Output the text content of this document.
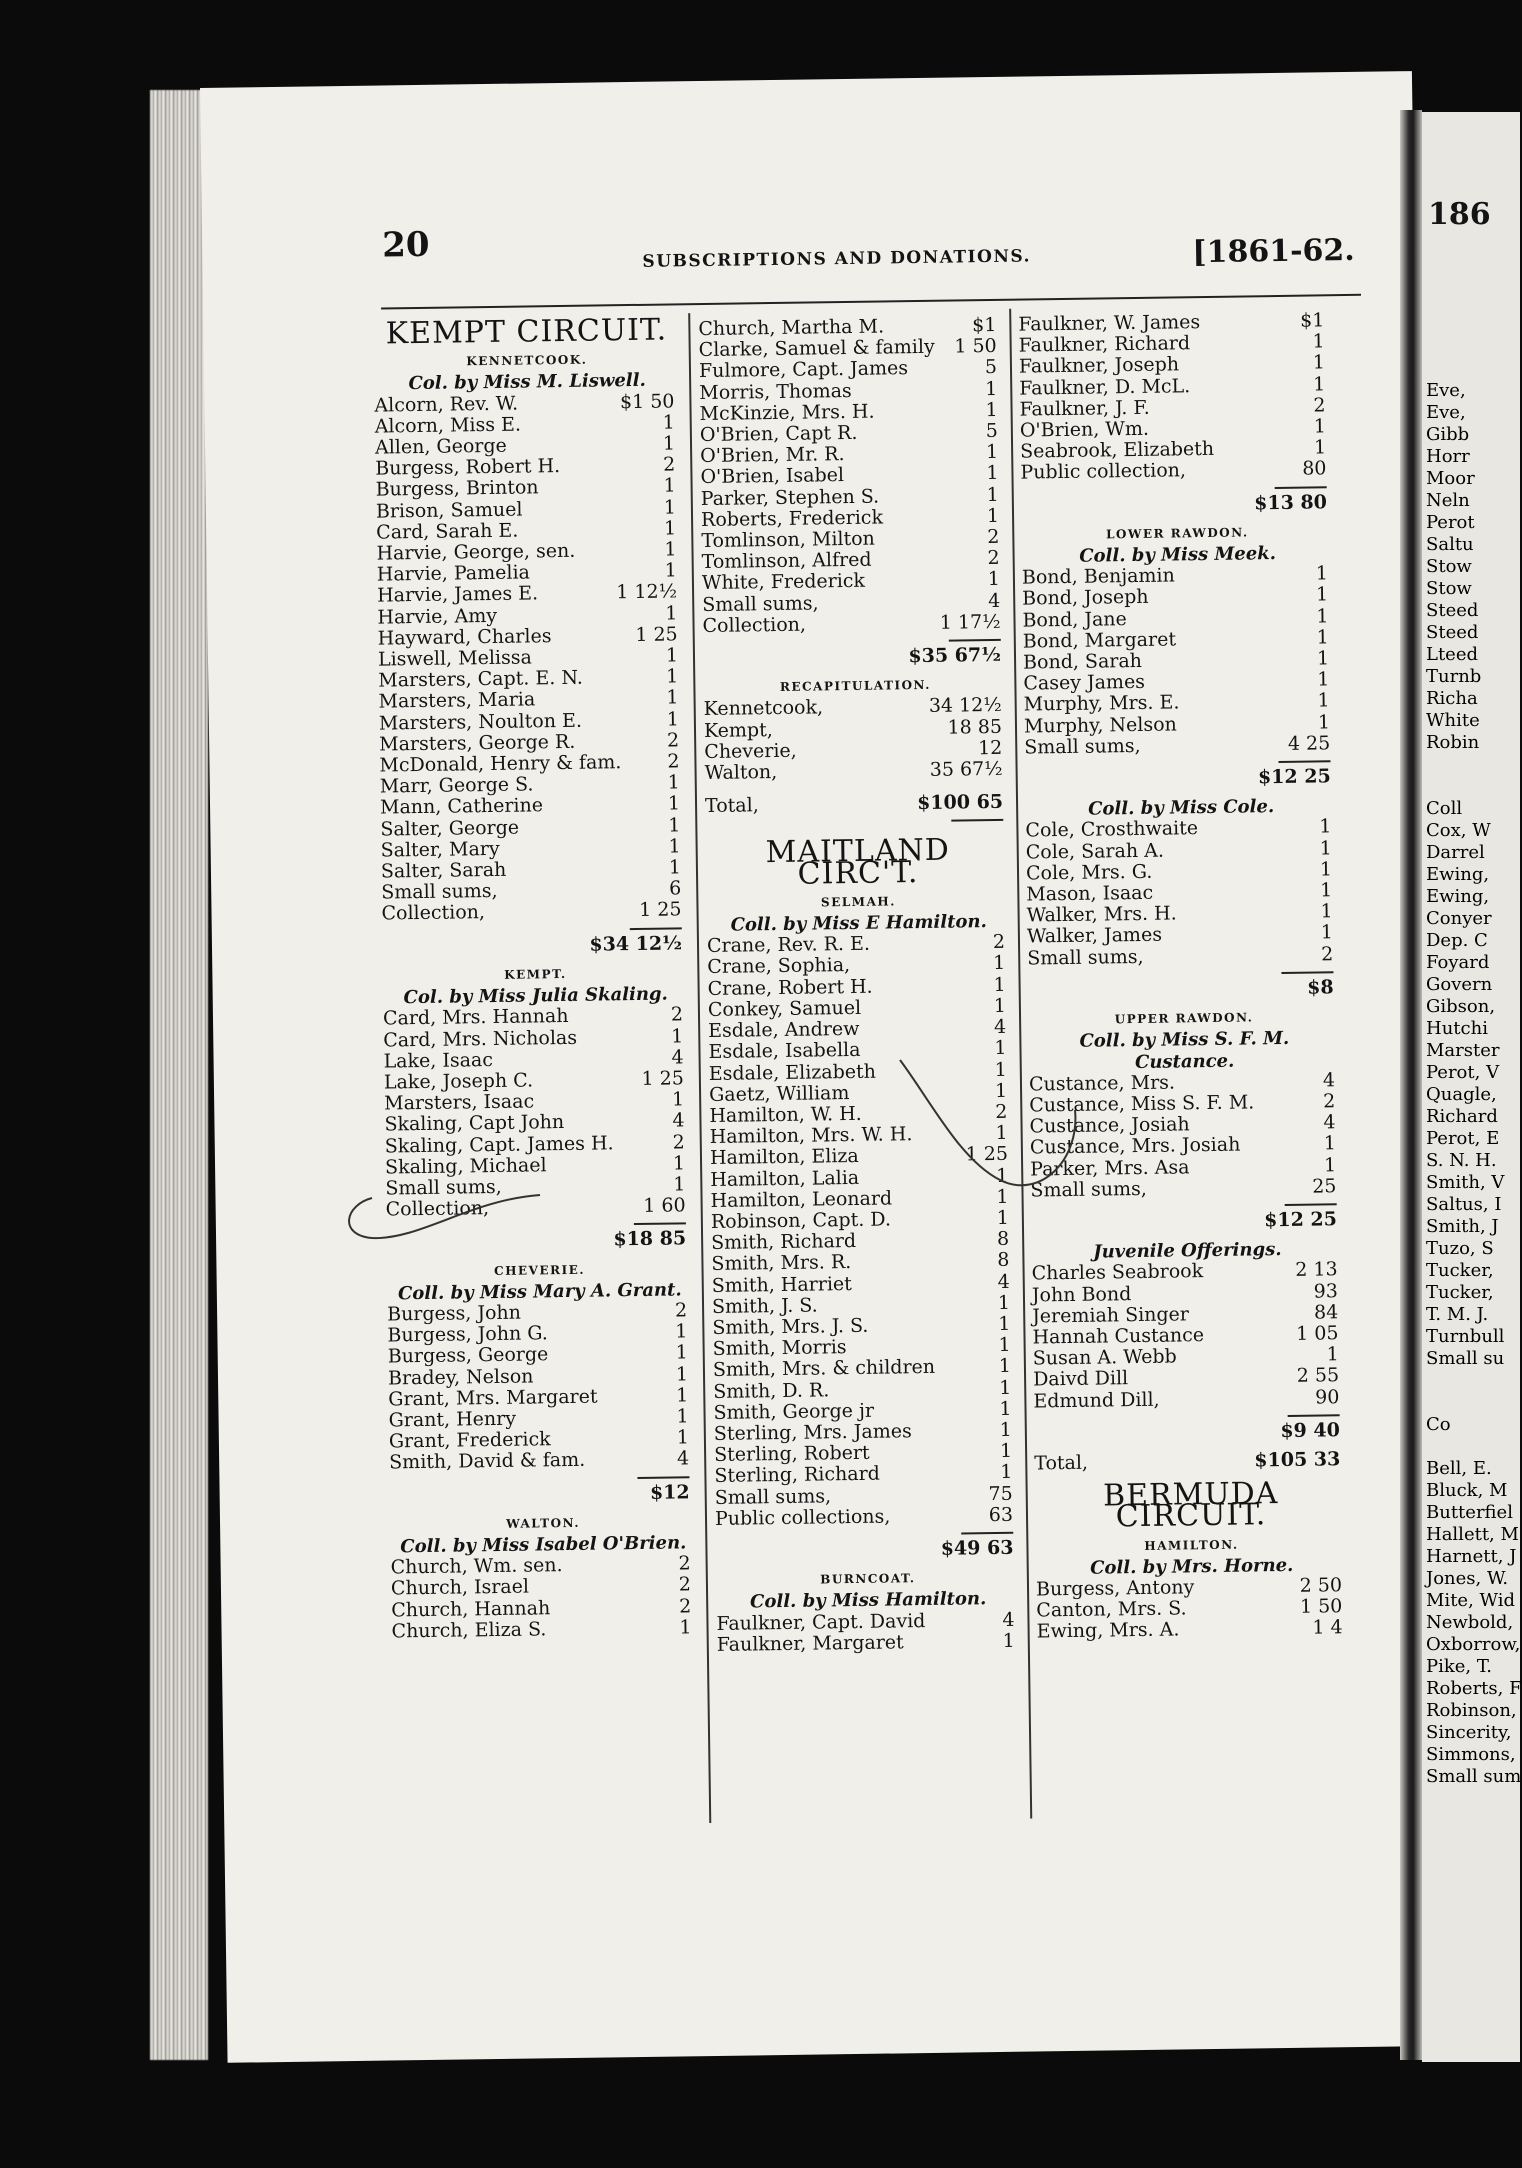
20	SUBSCRIPTIONS AND DONATIONS.	[1861-62.
KEMPT CIRCUIT.
KENNETCOOK.
Col. by Miss M. Liswell.
Alcorn, Rev. W.	$1 50
Alcorn, Miss E.	1
Allen, George	1
Burgess, Robert H.	2
Burgess, Brinton	1
Brison, Samuel	1
Card, Sarah E.	1
Harvie, George, sen.	1
Harvie, Pamelia	1
Harvie, James E.	1 12½
Harvie, Amy	1
Hayward, Charles	1 25
Liswell, Melissa	1
Marsters, Capt. E. N.	1
Marsters, Maria	1
Marsters, Noulton E.	1
Marsters, George R.	2
McDonald, Henry & fam.	2
Marr, George S.	1
Mann, Catherine	1
Salter, George	1
Salter, Mary	1
Salter, Sarah	1
Small sums,	6
Collection,	1 25
$34 12½
KEMPT.
Col. by Miss Julia Skaling.
Card, Mrs. Hannah	2
Card, Mrs. Nicholas	1
Lake, Isaac	4
Lake, Joseph C.	1 25
Marsters, Isaac	1
Skaling, Capt John	4
Skaling, Capt. James H.	2
Skaling, Michael	1
Small sums,	1
Collection,	1 60
$18 85
CHEVERIE.
Coll. by Miss Mary A. Grant.
Burgess, John	2
Burgess, John G.	1
Burgess, George	1
Bradey, Nelson	1
Grant, Mrs. Margaret	1
Grant, Henry	1
Grant, Frederick	1
Smith, David & fam.	4
$12
WALTON.
Coll. by Miss Isabel O'Brien.
Church, Wm. sen.	2
Church, Israel	2
Church, Hannah	2
Church, Eliza S.	1
Church, Martha M.	$1
Clarke, Samuel & family	1 50
Fulmore, Capt. James	5
Morris, Thomas	1
McKinzie, Mrs. H.	1
O'Brien, Capt R.	5
O'Brien, Mr. R.	1
O'Brien, Isabel	1
Parker, Stephen S.	1
Roberts, Frederick	1
Tomlinson, Milton	2
Tomlinson, Alfred	2
White, Frederick	1
Small sums,	4
Collection,	1 17½
$35 67½
RECAPITULATION.
Kennetcook,	34 12½
Kempt,	18 85
Cheverie,	12
Walton,	35 67½
Total,	$100 65
MAITLAND CIRC'T.
SELMAH.
Coll. by Miss E Hamilton.
Crane, Rev. R. E.	2
Crane, Sophia,	1
Crane, Robert H.	1
Conkey, Samuel	1
Esdale, Andrew	4
Esdale, Isabella	1
Esdale, Elizabeth	1
Gaetz, William	1
Hamilton, W. H.	2
Hamilton, Mrs. W. H.	1
Hamilton, Eliza	1 25
Hamilton, Lalia	1
Hamilton, Leonard	1
Robinson, Capt. D.	1
Smith, Richard	8
Smith, Mrs. R.	8
Smith, Harriet	4
Smith, J. S.	1
Smith, Mrs. J. S.	1
Smith, Morris	1
Smith, Mrs. & children	1
Smith, D. R.	1
Smith, George jr	1
Sterling, Mrs. James	1
Sterling, Robert	1
Sterling, Richard	1
Small sums,	75
Public collections,	63
$49 63
BURNCOAT.
Coll. by Miss Hamilton.
Faulkner, Capt. David	4
Faulkner, Margaret	1
Faulkner, W. James	$1
Faulkner, Richard	1
Faulkner, Joseph	1
Faulkner, D. McL.	1
Faulkner, J. F.	2
O'Brien, Wm.	1
Seabrook, Elizabeth	1
Public collection,	80
$13 80
LOWER RAWDON.
Coll. by Miss Meek.
Bond, Benjamin	1
Bond, Joseph	1
Bond, Jane	1
Bond, Margaret	1
Bond, Sarah	1
Casey James	1
Murphy, Mrs. E.	1
Murphy, Nelson	1
Small sums,	4 25
$12 25
Coll. by Miss Cole.
Cole, Crosthwaite	1
Cole, Sarah A.	1
Cole, Mrs. G.	1
Mason, Isaac	1
Walker, Mrs. H.	1
Walker, James	1
Small sums,	2
$8
UPPER RAWDON.
Coll. by Miss S. F. M. Custance.
Custance, Mrs.	4
Custance, Miss S. F. M.	2
Custance, Josiah	4
Custance, Mrs. Josiah	1
Parker, Mrs. Asa	1
Small sums,	25
$12 25
Juvenile Offerings.
Charles Seabrook	2 13
John Bond	93
Jeremiah Singer	84
Hannah Custance	1 05
Susan A. Webb	1
Daivd Dill	2 55
Edmund Dill,	90
$9 40
Total,	$105 33
BERMUDA CIRCUIT.
HAMILTON.
Coll. by Mrs. Horne.
Burgess, Antony	2 50
Canton, Mrs. S.	1 50
Ewing, Mrs. A.	1 4
186
Eve,
Eve,
Gibb
Horr
Moor
Neln
Perot
Saltu
Stow
Stow
Steed
Steed
Lteed
Turnb
Richa
White
Robin
Coll
Cox, W
Darrel
Ewing,
Ewing,
Conyer
Dep. C
Foyard
Govern
Gibson,
Hutchi
Marster
Perot, V
Quagle,
Richard
Perot, E
S. N. H.
Smith, V
Saltus, I
Smith, J
Tuzo, S
Tucker,
Tucker,
T. M. J.
Turnbull
Small su
Co
Bell, E.
Bluck, M
Butterfiel
Hallett, M
Harnett, J
Jones, W.
Mite, Wid
Newbold,
Oxborrow,
Pike, T.
Roberts, F
Robinson,
Sincerity,
Simmons,
Small sum
